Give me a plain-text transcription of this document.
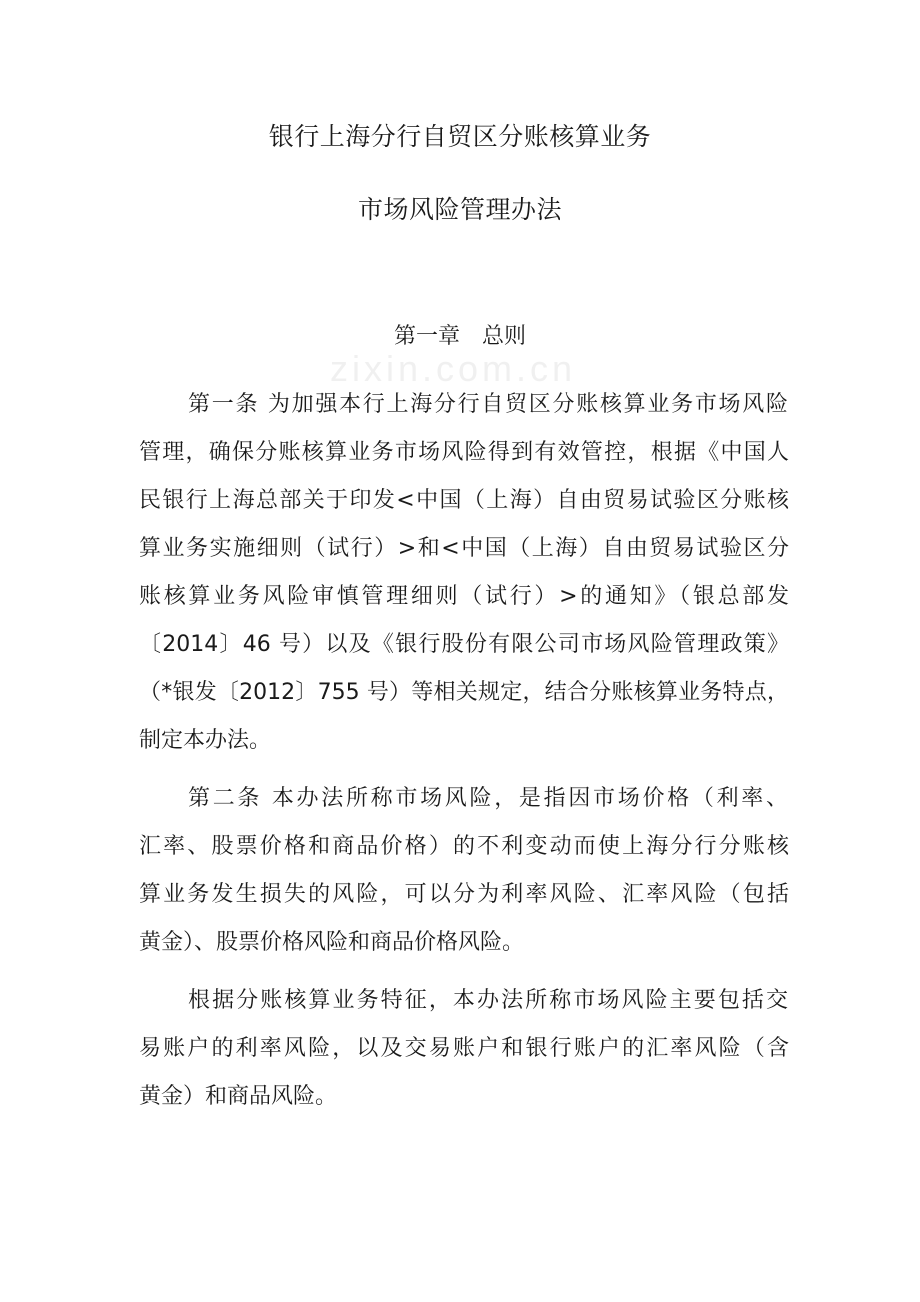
zixin.com.cn
银行上海分行自贸区分账核算业务
市场风险管理办法
第一章　总则
第一条 为加强本行上海分行自贸区分账核算业务市场风险
管理，确保分账核算业务市场风险得到有效管控，根据《中国人
民银行上海总部关于印发<中国（上海）自由贸易试验区分账核
算业务实施细则（试行）>和<中国（上海）自由贸易试验区分
账核算业务风险审慎管理细则（试行）>的通知》（银总部发
〔2014〕46 号）以及《银行股份有限公司市场风险管理政策》
（*银发〔2012〕755 号）等相关规定，结合分账核算业务特点，
制定本办法。
第二条 本办法所称市场风险，是指因市场价格（利率、
汇率、股票价格和商品价格）的不利变动而使上海分行分账核
算业务发生损失的风险，可以分为利率风险、汇率风险（包括
黄金）、股票价格风险和商品价格风险。
根据分账核算业务特征，本办法所称市场风险主要包括交
易账户的利率风险，以及交易账户和银行账户的汇率风险（含
黄金）和商品风险。
